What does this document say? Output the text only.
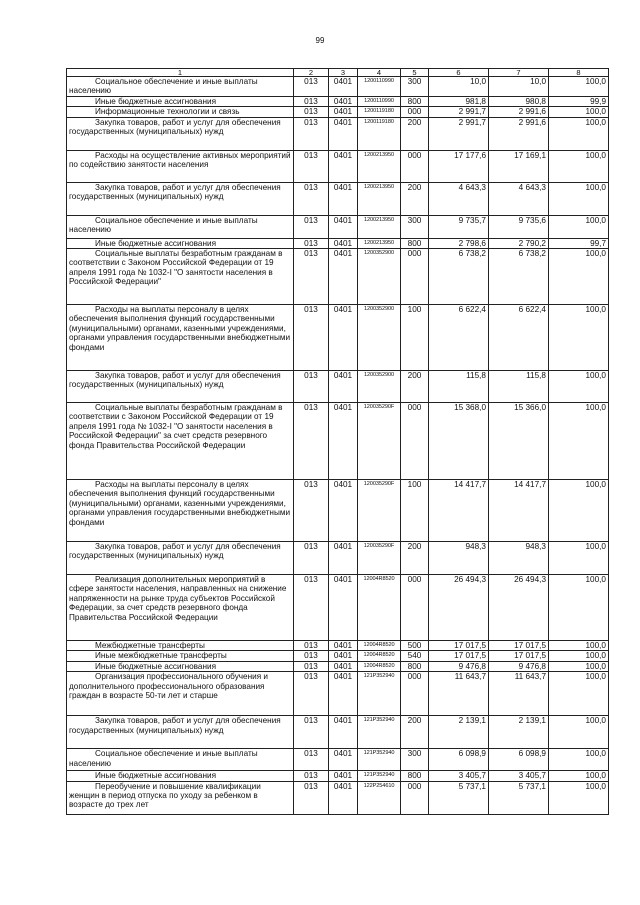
99
1	2	3	4	5	6	7	8

Социальное обеспечение и иные выплаты населению	013	0401	1200110990	300	10,0	10,0	100,0

Иные бюджетные ассигнования	013	0401	1200110990	800	981,8	980,8	99,9

Информационные технологии и связь	013	0401	1200119180	000	2 991,7	2 991,6	100,0

Закупка товаров, работ и услуг для обеспечения государственных (муниципальных) нужд	013	0401	1200119180	200	2 991,7	2 991,6	100,0

Расходы на осуществление активных мероприятий по содействию занятости населения	013	0401	1200213950	000	17 177,6	17 169,1	100,0

Закупка товаров, работ и услуг для обеспечения государственных (муниципальных) нужд	013	0401	1200213950	200	4 643,3	4 643,3	100,0

Социальное обеспечение и иные выплаты населению	013	0401	1200213950	300	9 735,7	9 735,6	100,0

Иные бюджетные ассигнования	013	0401	1200213950	800	2 798,6	2 790,2	99,7

Социальные выплаты безработным гражданам в соответствии с Законом Российской Федерации от 19 апреля 1991 года № 1032-I "О занятости населения в Российской Федерации"	013	0401	1200352900	000	6 738,2	6 738,2	100,0

Расходы на выплаты персоналу в целях обеспечения выполнения функций государственными (муниципальными) органами, казенными учреждениями, органами управления государственными внебюджетными фондами	013	0401	1200352900	100	6 622,4	6 622,4	100,0

Закупка товаров, работ и услуг для обеспечения государственных (муниципальных) нужд	013	0401	1200352900	200	115,8	115,8	100,0

Социальные выплаты безработным гражданам в соответствии с Законом Российской Федерации от 19 апреля 1991 года № 1032-I "О занятости населения в Российской Федерации" за счет средств резервного фонда Правительства Российской Федерации	013	0401	120035290F	000	15 368,0	15 366,0	100,0

Расходы на выплаты персоналу в целях обеспечения выполнения функций государственными (муниципальными) органами, казенными учреждениями, органами управления государственными внебюджетными фондами	013	0401	120035290F	100	14 417,7	14 417,7	100,0

Закупка товаров, работ и услуг для обеспечения государственных (муниципальных) нужд	013	0401	120035290F	200	948,3	948,3	100,0

Реализация дополнительных мероприятий в сфере занятости населения, направленных на снижение напряженности на рынке труда субъектов Российской Федерации, за счет средств резервного фонда Правительства Российской Федерации	013	0401	12004R8520	000	26 494,3	26 494,3	100,0

Межбюджетные трансферты	013	0401	12004R8520	500	17 017,5	17 017,5	100,0

Иные межбюджетные трансферты	013	0401	12004R8520	540	17 017,5	17 017,5	100,0

Иные бюджетные ассигнования	013	0401	12004R8520	800	9 476,8	9 476,8	100,0

Организация профессионального обучения и дополнительного профессионального образования граждан в возрасте 50-ти лет и старше	013	0401	121P352940	000	11 643,7	11 643,7	100,0

Закупка товаров, работ и услуг для обеспечения государственных (муниципальных) нужд	013	0401	121P352940	200	2 139,1	2 139,1	100,0

Социальное обеспечение и иные выплаты населению	013	0401	121P352940	300	6 098,9	6 098,9	100,0

Иные бюджетные ассигнования	013	0401	121P352940	800	3 405,7	3 405,7	100,0

Переобучение и повышение квалификации женщин в период отпуска по уходу за ребенком в возрасте до трех лет	013	0401	122P254610	000	5 737,1	5 737,1	100,0
